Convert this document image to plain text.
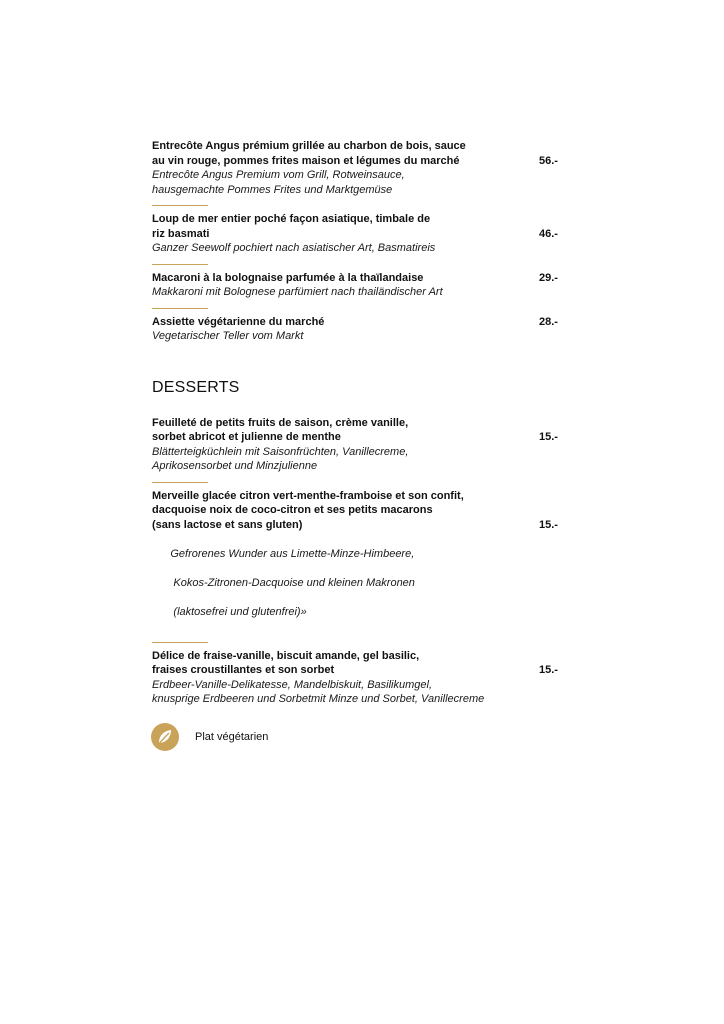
Entrecôte Angus prémium grillée au charbon de bois, sauce
au vin rouge, pommes frites maison et légumes du marché	56.-
Entrecôte Angus Premium vom Grill, Rotweinsauce,
hausgemachte Pommes Frites und Marktgemüse
Loup de mer entier poché façon asiatique, timbale de
riz basmati	46.-
Ganzer Seewolf pochiert nach asiatischer Art, Basmatireis
Macaroni à la bolognaise parfumée à la thaïlandaise	29.-
Makkaroni mit Bolognese parfümiert nach thailändischer Art
Assiette végétarienne du marché	28.-
Vegetarischer Teller vom Markt
DESSERTS
Feuilleté de petits fruits de saison, crème vanille,
sorbet abricot et julienne de menthe	15.-
Blätterteigküchlein mit Saisonfrüchten, Vanillecreme,
Aprikosensorbet und Minzjulienne
Merveille glacée citron vert-menthe-framboise et son confit,
dacquoise noix de coco-citron et ses petits macarons
(sans lactose et sans gluten)	15.-

Gefrorenes Wunder aus Limette-Minze-Himbeere,

Kokos-Zitronen-Dacquoise und kleinen Makronen

(laktosefrei und glutenfrei)»

Délice de fraise-vanille, biscuit amande, gel basilic,
fraises croustillantes et son sorbet	15.-
Erdbeer-Vanille-Delikatesse, Mandelbiskuit, Basilikumgel,
knusprige Erdbeeren und Sorbetmit Minze und Sorbet, Vanillecreme
Plat végétarien
